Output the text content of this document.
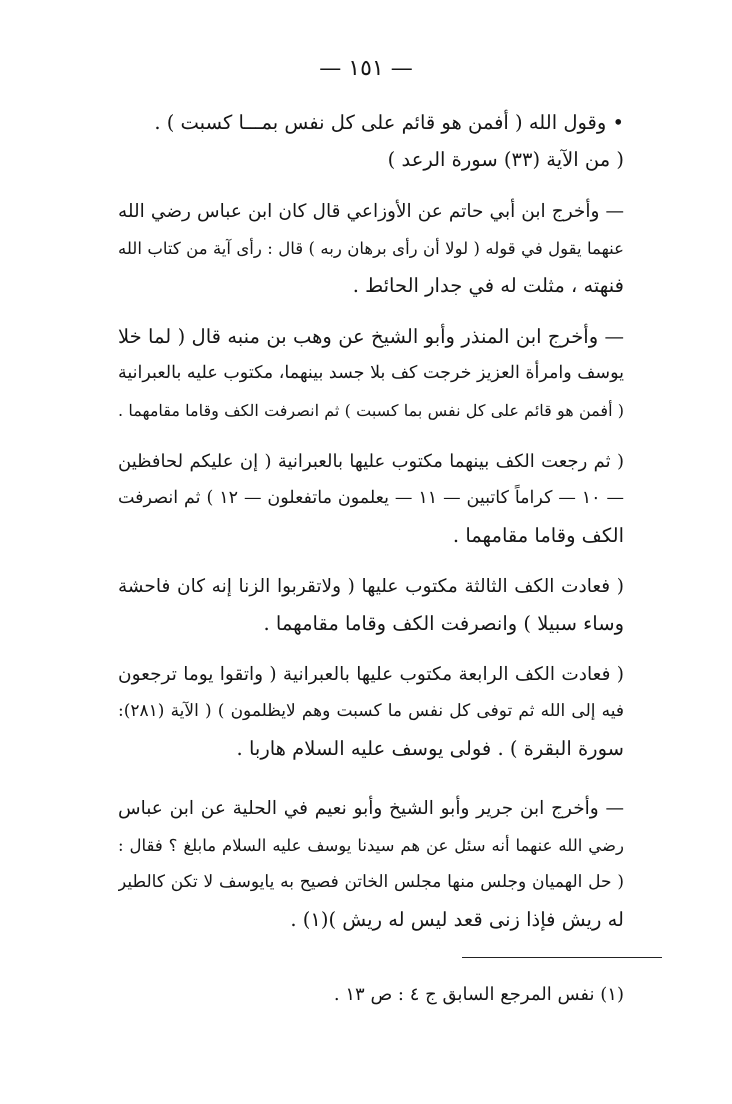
— ١٥١ —
• وقول الله ( أفمن هو قائم على كل نفس بمـــا كسبت ) .
( من الآية (٣٣) سورة الرعد )
— وأخرج ابن أبي حاتم عن الأوزاعي قال كان ابن عباس رضي الله
عنهما يقول في قوله ( لولا أن رأى برهان ربه ) قال : رأى آية من كتاب الله
فنهته ، مثلت له في جدار الحائط .
— وأخرج ابن المنذر وأبو الشيخ عن وهب بن منبه قال ( لما خلا
يوسف وامرأة العزيز خرجت كف بلا جسد بينهما، مكتوب عليه بالعبرانية
( أفمن هو قائم على كل نفس بما كسبت ) ثم انصرفت الكف وقاما مقامهما .
( ثم رجعت الكف بينهما مكتوب عليها بالعبرانية ( إن عليكم لحافظين
— ١٠ — كراماً كاتبين — ١١ — يعلمون ماتفعلون — ١٢ ) ثم انصرفت
الكف وقاما مقامهما .
( فعادت الكف الثالثة مكتوب عليها ( ولاتقربوا الزنا إنه كان فاحشة
وساء سبيلا ) وانصرفت الكف وقاما مقامهما .
( فعادت الكف الرابعة مكتوب عليها بالعبرانية ( واتقوا يوما ترجعون
فيه إلى الله ثم توفى كل نفس ما كسبت وهم لايظلمون ) ( الآية (٢٨١):
سورة البقرة ) . فولى يوسف عليه السلام هاربا .
— وأخرج ابن جرير وأبو الشيخ وأبو نعيم في الحلية عن ابن عباس
رضي الله عنهما أنه سئل عن هم سيدنا يوسف عليه السلام مابلغ ؟ فقال :
( حل الهميان وجلس منها مجلس الخاتن فصيح به يايوسف لا تكن كالطير
له ريش فإذا زنى قعد ليس له ريش )(١) .
(١) نفس المرجع السابق ج ٤ : ص ١٣ .
